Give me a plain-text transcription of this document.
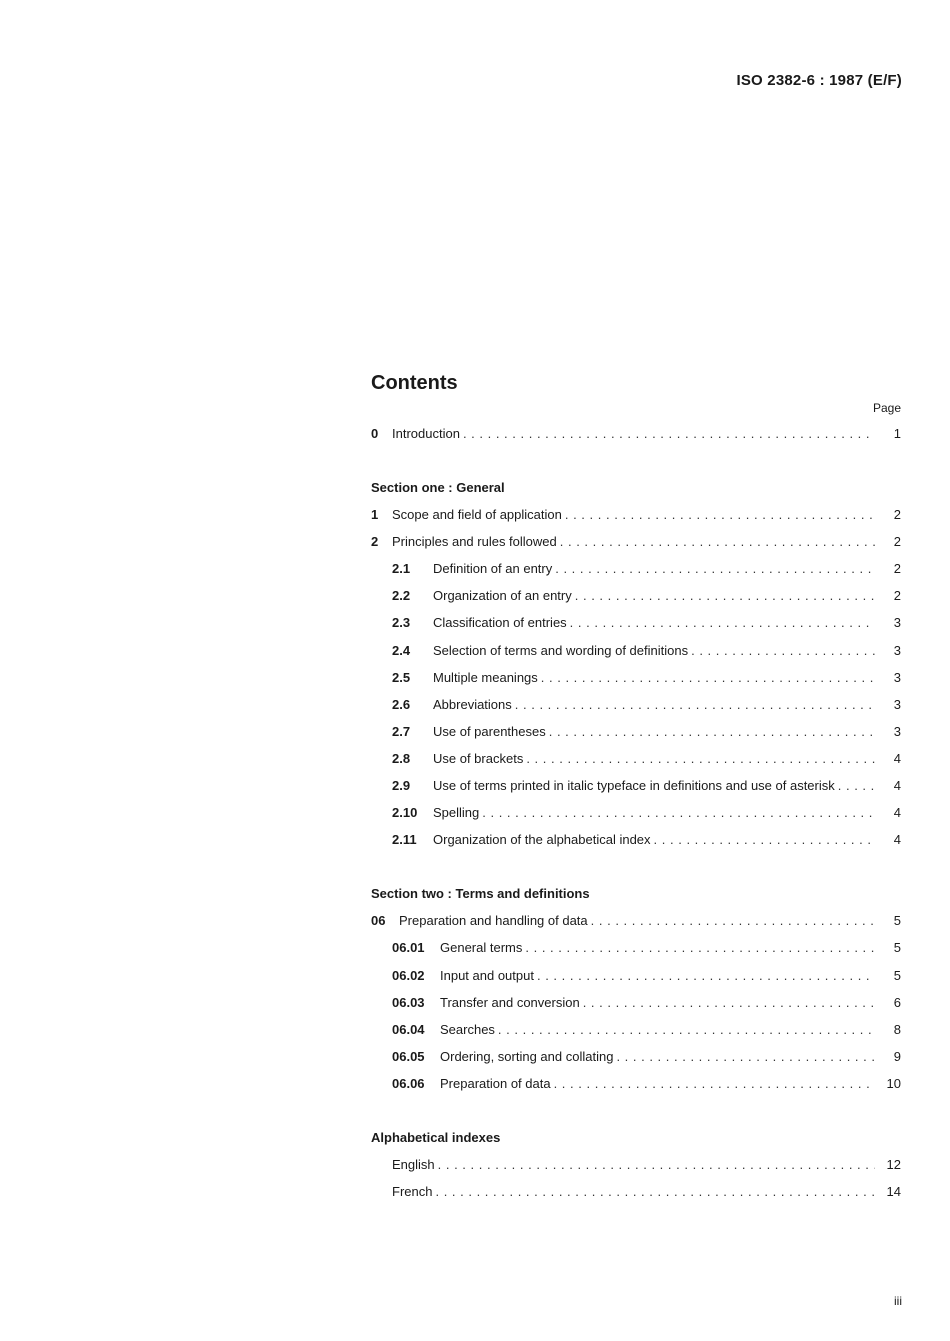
ISO 2382-6 : 1987 (E/F)
Contents
Page
0	Introduction . . .	1
Section one : General
1	Scope and field of application . . .	2
2	Principles and rules followed . . .	2
2.1	Definition of an entry . . .	2
2.2	Organization of an entry . . .	2
2.3	Classification of entries . . .	3
2.4	Selection of terms and wording of definitions . . .	3
2.5	Multiple meanings . . .	3
2.6	Abbreviations . . .	3
2.7	Use of parentheses . . .	3
2.8	Use of brackets . . .	4
2.9	Use of terms printed in italic typeface in definitions and use of asterisk . . .	4
2.10	Spelling . . .	4
2.11	Organization of the alphabetical index . . .	4
Section two : Terms and definitions
06	Preparation and handling of data . . .	5
06.01	General terms . . .	5
06.02	Input and output . . .	5
06.03	Transfer and conversion . . .	6
06.04	Searches . . .	8
06.05	Ordering, sorting and collating . . .	9
06.06	Preparation of data . . .	10
Alphabetical indexes
English . . .	12
French . . .	14
iii
